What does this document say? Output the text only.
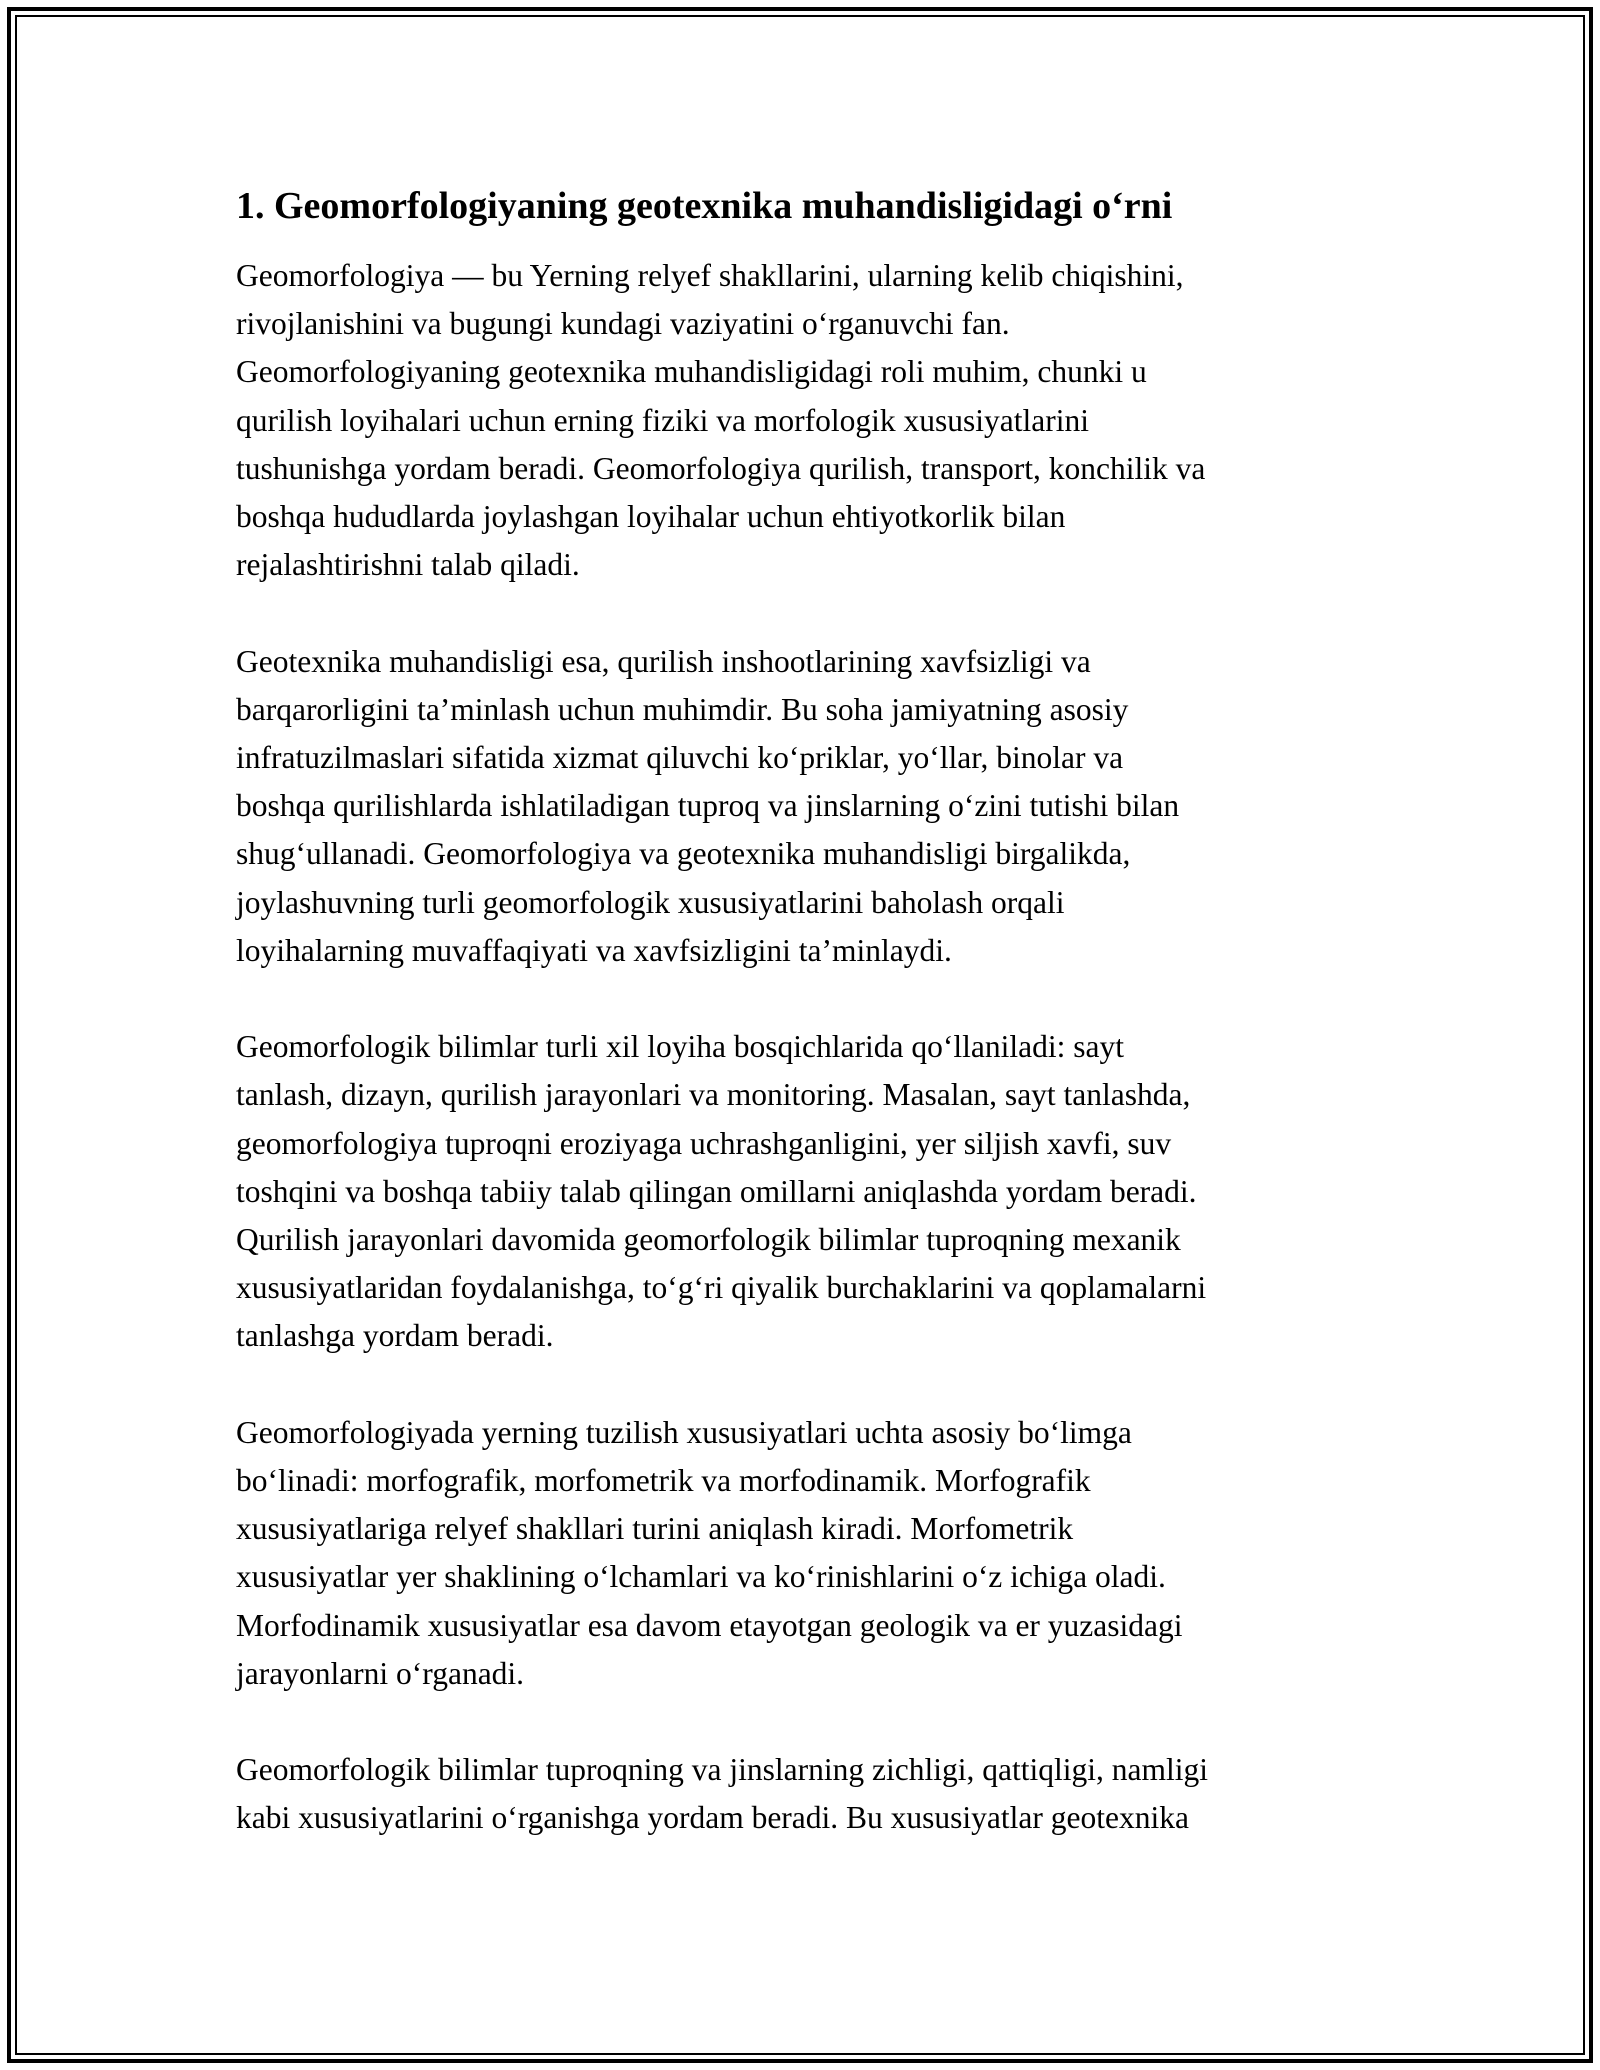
1. Geomorfologiyaning geotexnika muhandisligidagi o‘rni

Geomorfologiya — bu Yerning relyef shakllarini, ularning kelib chiqishini,
rivojlanishini va bugungi kundagi vaziyatini o‘rganuvchi fan.
Geomorfologiyaning geotexnika muhandisligidagi roli muhim, chunki u
qurilish loyihalari uchun erning fiziki va morfologik xususiyatlarini
tushunishga yordam beradi. Geomorfologiya qurilish, transport, konchilik va
boshqa hududlarda joylashgan loyihalar uchun ehtiyotkorlik bilan
rejalashtirishni talab qiladi.

Geotexnika muhandisligi esa, qurilish inshootlarining xavfsizligi va
barqarorligini ta’minlash uchun muhimdir. Bu soha jamiyatning asosiy
infratuzilmaslari sifatida xizmat qiluvchi ko‘priklar, yo‘llar, binolar va
boshqa qurilishlarda ishlatiladigan tuproq va jinslarning o‘zini tutishi bilan
shug‘ullanadi. Geomorfologiya va geotexnika muhandisligi birgalikda,
joylashuvning turli geomorfologik xususiyatlarini baholash orqali
loyihalarning muvaffaqiyati va xavfsizligini ta’minlaydi.

Geomorfologik bilimlar turli xil loyiha bosqichlarida qo‘llaniladi: sayt
tanlash, dizayn, qurilish jarayonlari va monitoring. Masalan, sayt tanlashda,
geomorfologiya tuproqni eroziyaga uchrashganligini, yer siljish xavfi, suv
toshqini va boshqa tabiiy talab qilingan omillarni aniqlashda yordam beradi.
Qurilish jarayonlari davomida geomorfologik bilimlar tuproqning mexanik
xususiyatlaridan foydalanishga, to‘g‘ri qiyalik burchaklarini va qoplamalarni
tanlashga yordam beradi.

Geomorfologiyada yerning tuzilish xususiyatlari uchta asosiy bo‘limga
bo‘linadi: morfografik, morfometrik va morfodinamik. Morfografik
xususiyatlariga relyef shakllari turini aniqlash kiradi. Morfometrik
xususiyatlar yer shaklining o‘lchamlari va ko‘rinishlarini o‘z ichiga oladi.
Morfodinamik xususiyatlar esa davom etayotgan geologik va er yuzasidagi
jarayonlarni o‘rganadi.

Geomorfologik bilimlar tuproqning va jinslarning zichligi, qattiqligi, namligi
kabi xususiyatlarini o‘rganishga yordam beradi. Bu xususiyatlar geotexnika
